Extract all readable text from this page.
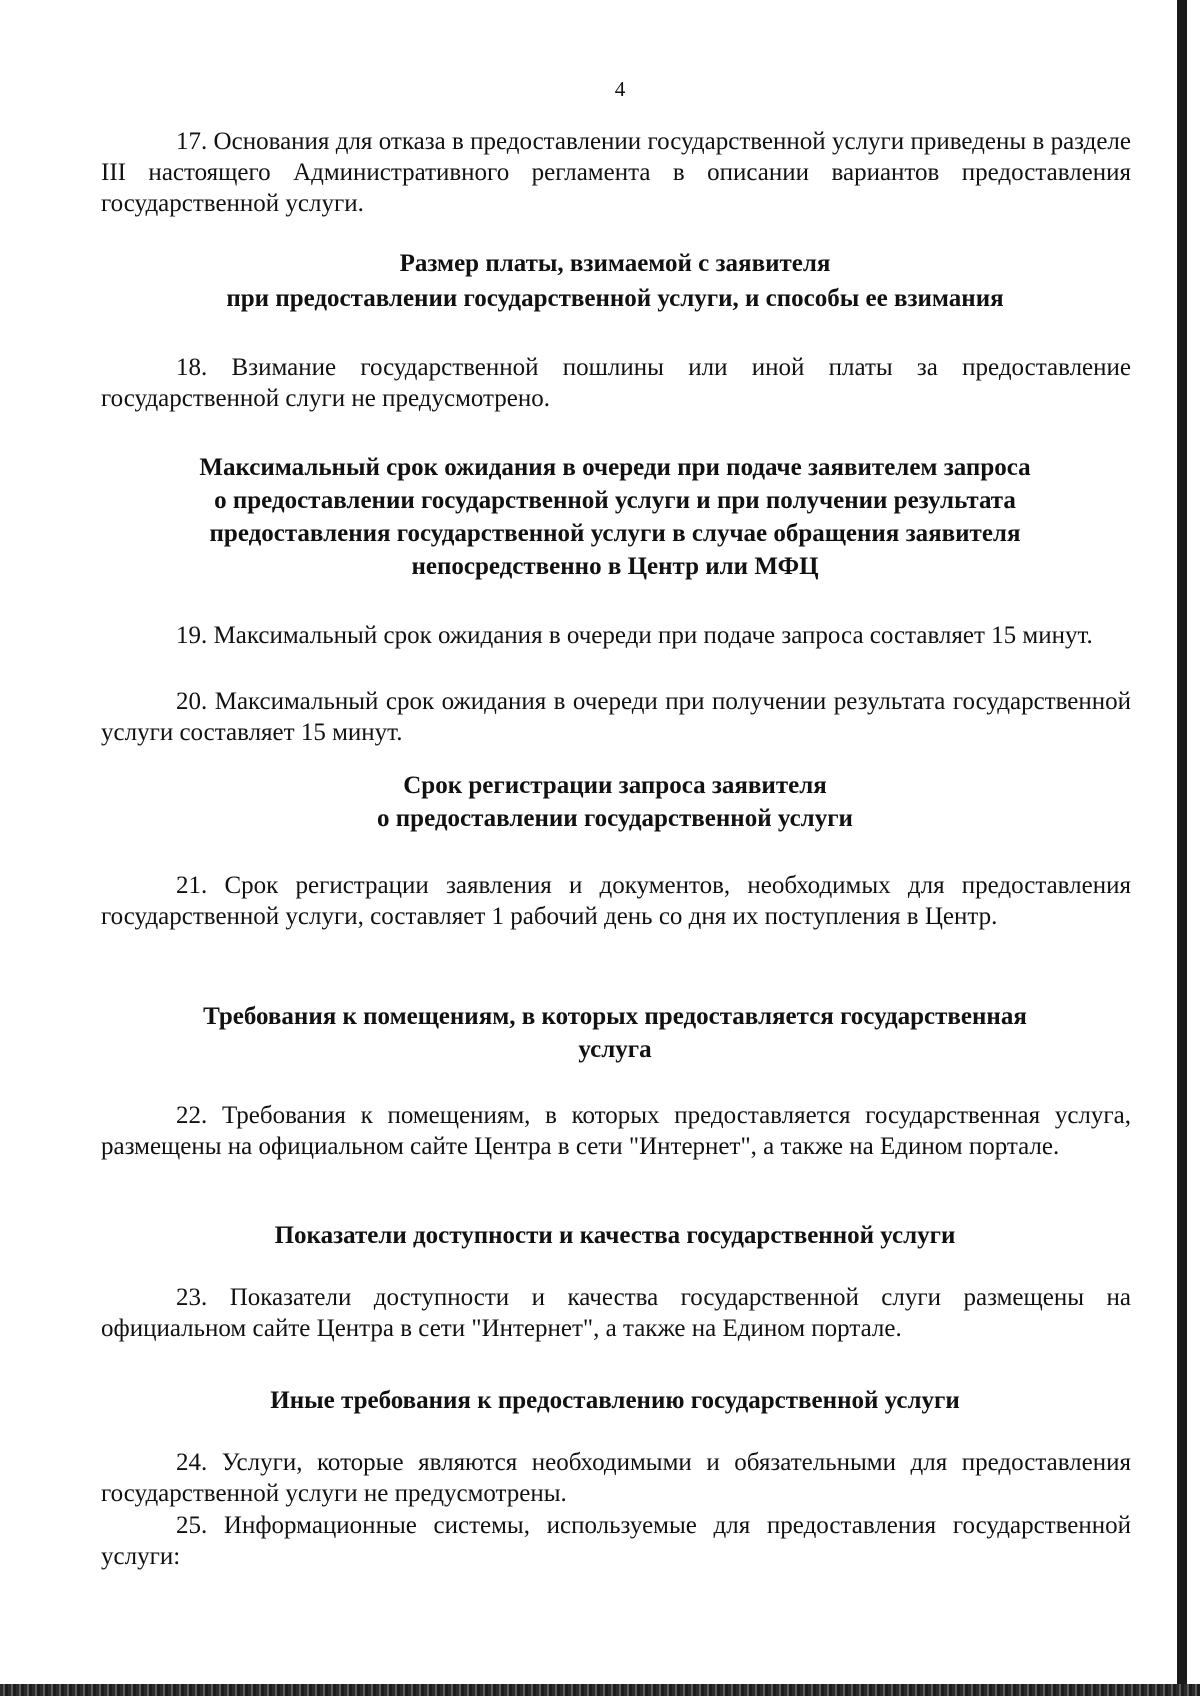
4

17. Основания для отказа в предоставлении государственной услуги приведены в разделе III настоящего Административного регламента в описании вариантов предоставления государственной услуги.

Размер платы, взимаемой с заявителя
при предоставлении государственной услуги, и способы ее взимания

18. Взимание государственной пошлины или иной платы за предоставление государственной слуги не предусмотрено.

Максимальный срок ожидания в очереди при подаче заявителем запроса
о предоставлении государственной услуги и при получении результата
предоставления государственной услуги в случае обращения заявителя
непосредственно в Центр или МФЦ

19. Максимальный срок ожидания в очереди при подаче запроса составляет 15 минут.

20. Максимальный срок ожидания в очереди при получении результата государственной услуги составляет 15 минут.

Срок регистрации запроса заявителя
о предоставлении государственной услуги

21. Срок регистрации заявления и документов, необходимых для предоставления государственной услуги, составляет 1 рабочий день со дня их поступления в Центр.

Требования к помещениям, в которых предоставляется государственная
услуга

22. Требования к помещениям, в которых предоставляется государственная услуга, размещены на официальном сайте Центра в сети "Интернет", а также на Едином портале.

Показатели доступности и качества государственной услуги

23. Показатели доступности и качества государственной слуги размещены на официальном сайте Центра в сети "Интернет", а также на Едином портале.

Иные требования к предоставлению государственной услуги

24. Услуги, которые являются необходимыми и обязательными для предоставления государственной услуги не предусмотрены.

25. Информационные системы, используемые для предоставления государственной услуги:
